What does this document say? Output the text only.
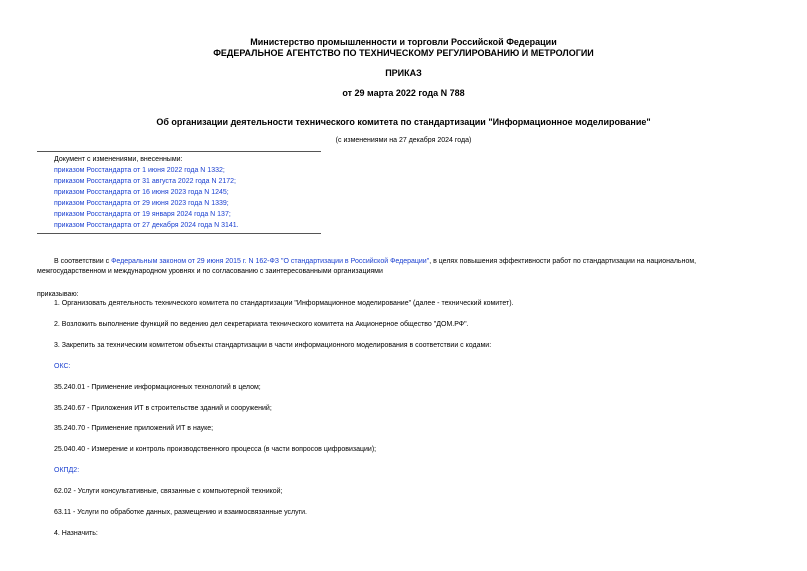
Министерство промышленности и торговли Российской Федерации
ФЕДЕРАЛЬНОЕ АГЕНТСТВО ПО ТЕХНИЧЕСКОМУ РЕГУЛИРОВАНИЮ И МЕТРОЛОГИИ
ПРИКАЗ
от 29 марта 2022 года N 788
Об организации деятельности технического комитета по стандартизации "Информационное моделирование"
(с изменениями на 27 декабря 2024 года)
Документ с изменениями, внесенными:
приказом Росстандарта от 1 июня 2022 года N 1332;
приказом Росстандарта от 31 августа 2022 года N 2172;
приказом Росстандарта от 16 июня 2023 года N 1245;
приказом Росстандарта от 29 июня 2023 года N 1339;
приказом Росстандарта от 19 января 2024 года N 137;
приказом Росстандарта от 27 декабря 2024 года N 3141.
В соответствии с Федеральным законом от 29 июня 2015 г. N 162-ФЗ "О стандартизации в Российской Федерации", в целях повышения эффективности работ по стандартизации на национальном,
межгосударственном и международном уровнях и по согласованию с заинтересованными организациями
приказываю:
1. Организовать деятельность технического комитета по стандартизации "Информационное моделирование" (далее - технический комитет).
2. Возложить выполнение функций по ведению дел секретариата технического комитета на Акционерное общество "ДОМ.РФ".
3. Закрепить за техническим комитетом объекты стандартизации в части информационного моделирования в соответствии с кодами:
ОКС:
35.240.01 - Применение информационных технологий в целом;
35.240.67 - Приложения ИТ в строительстве зданий и сооружений;
35.240.70 - Применение приложений ИТ в науке;
25.040.40 - Измерение и контроль производственного процесса (в части вопросов цифровизации);
ОКПД2:
62.02 - Услуги консультативные, связанные с компьютерной техникой;
63.11 - Услуги по обработке данных, размещению и взаимосвязанные услуги.
4. Назначить:
